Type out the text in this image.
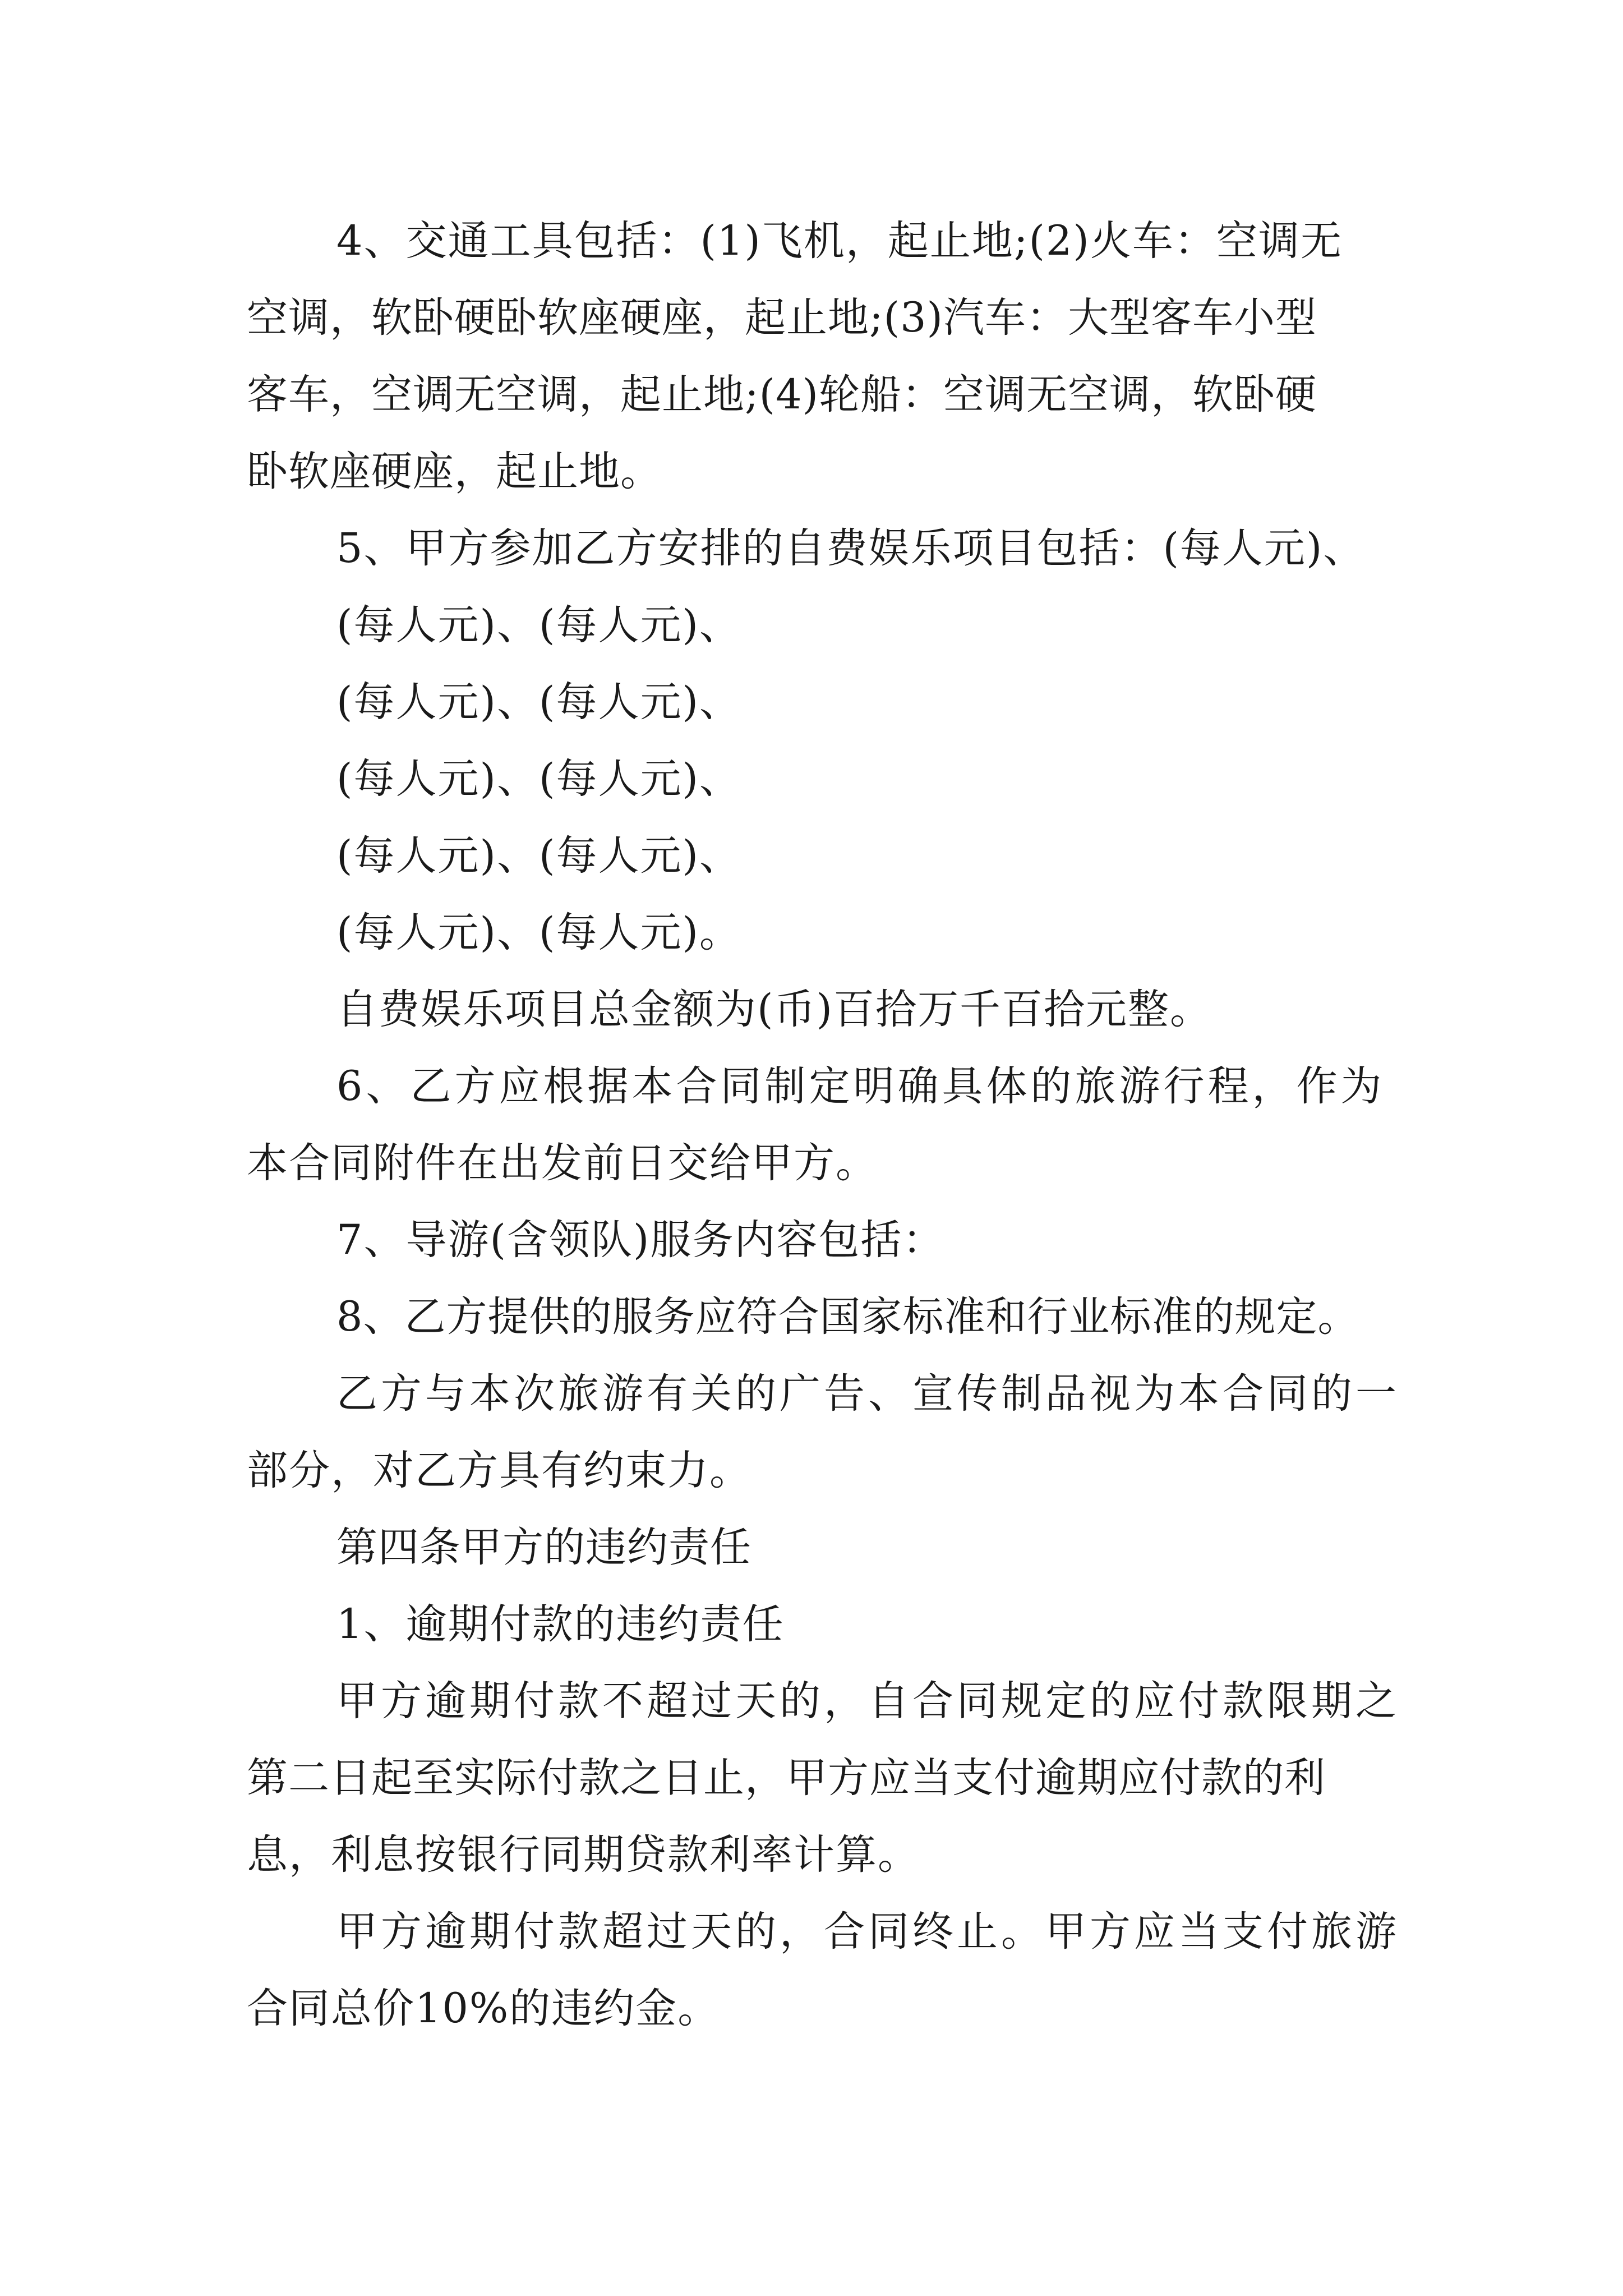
4、交通工具包括：(1)飞机，起止地;(2)火车：空调无

空调，软卧硬卧软座硬座，起止地;(3)汽车：大型客车小型

客车，空调无空调，起止地;(4)轮船：空调无空调，软卧硬

卧软座硬座，起止地。

5、甲方参加乙方安排的自费娱乐项目包括：(每人元)、

(每人元)、(每人元)、

(每人元)、(每人元)、

(每人元)、(每人元)、

(每人元)、(每人元)、

(每人元)、(每人元)。

自费娱乐项目总金额为(币)百拾万千百拾元整。

6、乙方应根据本合同制定明确具体的旅游行程，作为

本合同附件在出发前日交给甲方。

7、导游(含领队)服务内容包括：

8、乙方提供的服务应符合国家标准和行业标准的规定。

乙方与本次旅游有关的广告、宣传制品视为本合同的一

部分，对乙方具有约束力。

第四条甲方的违约责任

1、逾期付款的违约责任

甲方逾期付款不超过天的，自合同规定的应付款限期之

第二日起至实际付款之日止，甲方应当支付逾期应付款的利

息，利息按银行同期贷款利率计算。

甲方逾期付款超过天的，合同终止。甲方应当支付旅游

合同总价10%的违约金。
